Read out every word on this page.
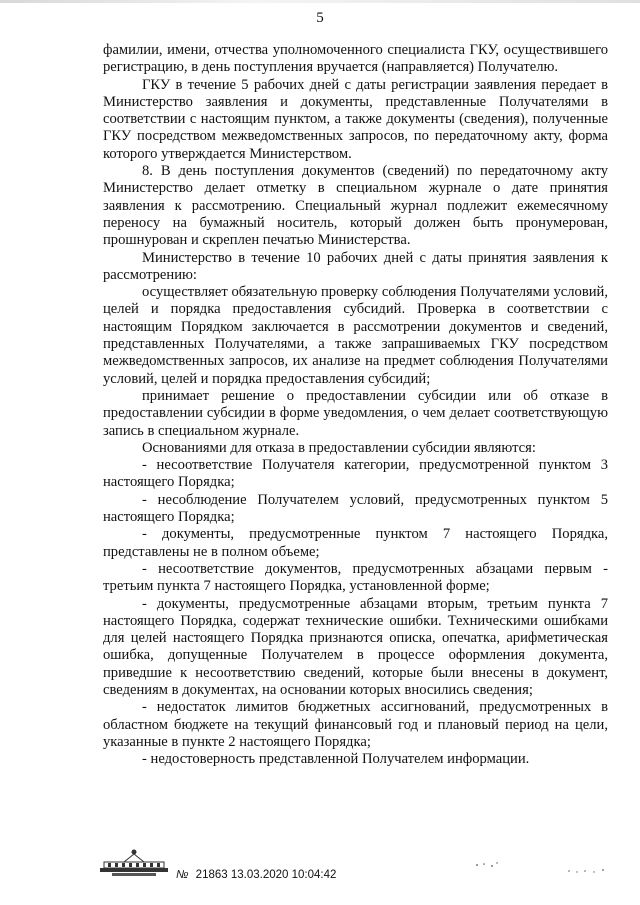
5

фамилии, имени, отчества уполномоченного специалиста ГКУ, осуществившего регистрацию, в день поступления вручается (направляется) Получателю.

ГКУ в течение 5 рабочих дней с даты регистрации заявления передает в Министерство заявления и документы, представленные Получателями в соответствии с настоящим пунктом, а также документы (сведения), полученные ГКУ посредством межведомственных запросов, по передаточному акту, форма которого утверждается Министерством.

8. В день поступления документов (сведений) по передаточному акту Министерство делает отметку в специальном журнале о дате принятия заявления к рассмотрению. Специальный журнал подлежит ежемесячному переносу на бумажный носитель, который должен быть пронумерован, прошнурован и скреплен печатью Министерства.

Министерство в течение 10 рабочих дней с даты принятия заявления к рассмотрению:

осуществляет обязательную проверку соблюдения Получателями условий, целей и порядка предоставления субсидий. Проверка в соответствии с настоящим Порядком заключается в рассмотрении документов и сведений, представленных Получателями, а также запрашиваемых ГКУ посредством межведомственных запросов, их анализе на предмет соблюдения Получателями условий, целей и порядка предоставления субсидий;

принимает решение о предоставлении субсидии или об отказе в предоставлении субсидии в форме уведомления, о чем делает соответствующую запись в специальном журнале.

Основаниями для отказа в предоставлении субсидии являются:

- несоответствие Получателя категории, предусмотренной пунктом 3 настоящего Порядка;

- несоблюдение Получателем условий, предусмотренных пунктом 5 настоящего Порядка;

- документы, предусмотренные пунктом 7 настоящего Порядка, представлены не в полном объеме;

- несоответствие документов, предусмотренных абзацами первым - третьим пункта 7 настоящего Порядка, установленной форме;

- документы, предусмотренные абзацами вторым, третьим пункта 7 настоящего Порядка, содержат технические ошибки. Техническими ошибками для целей настоящего Порядка признаются описка, опечатка, арифметическая ошибка, допущенные Получателем в процессе оформления документа, приведшие к несоответствию сведений, которые были внесены в документ, сведениям в документах, на основании которых вносились сведения;

- недостаток лимитов бюджетных ассигнований, предусмотренных в областном бюджете на текущий финансовый год и плановый период на цели, указанные в пункте 2 настоящего Порядка;

- недостоверность представленной Получателем информации.

№ 21863 13.03.2020 10:04:42
